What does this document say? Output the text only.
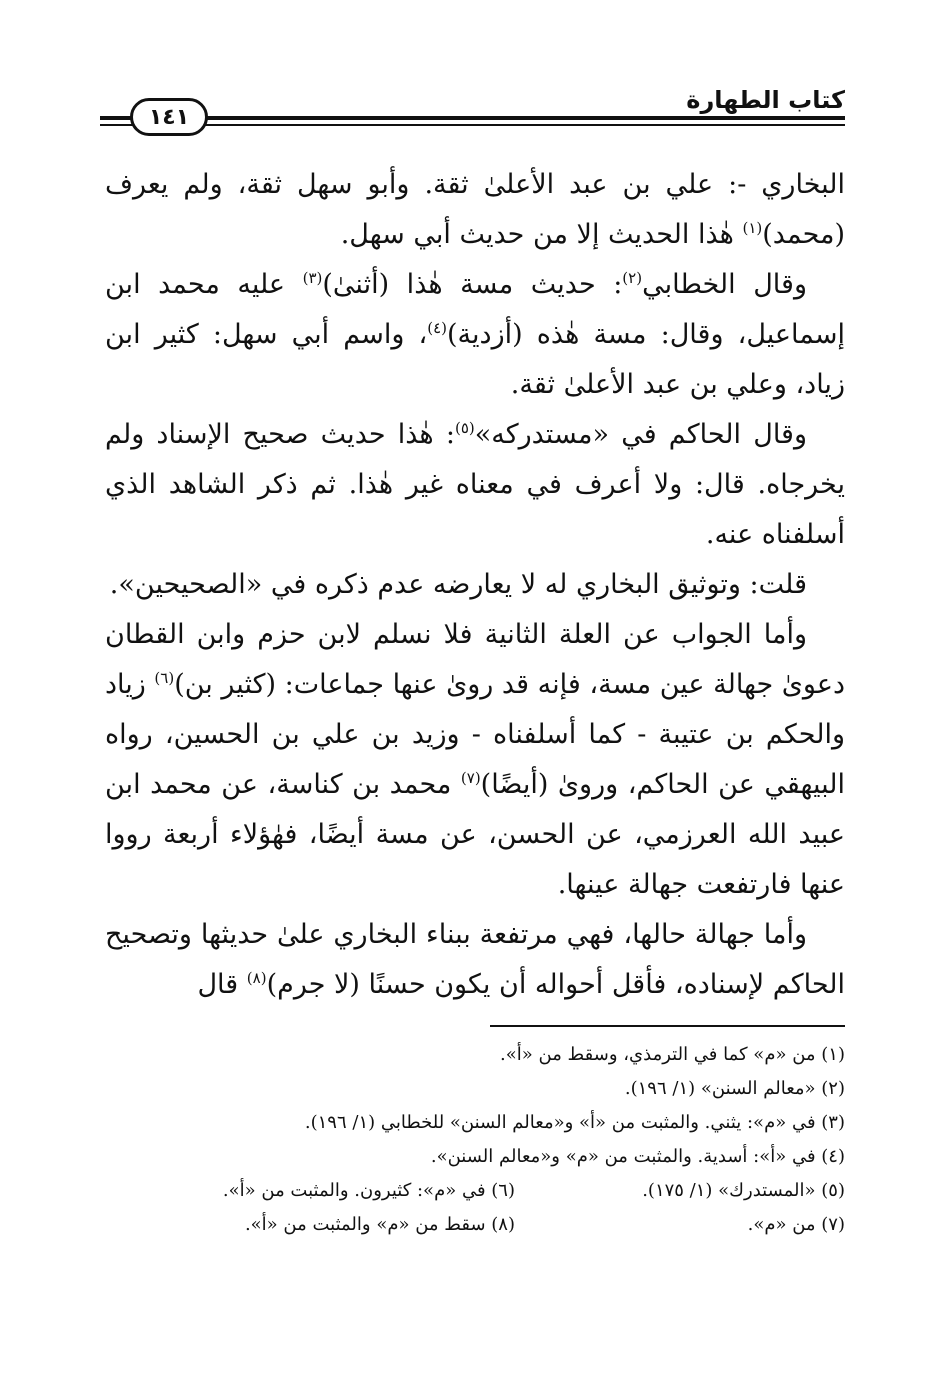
١٤١
كتاب الطهارة

البخاري -: علي بن عبد الأعلىٰ ثقة. وأبو سهل ثقة، ولم يعرف (محمد)$^{(١)}$ هٰذا الحديث إلا من حديث أبي سهل.

وقال الخطابي$^{(٢)}$: حديث مسة هٰذا (أثنىٰ)$^{(٣)}$ عليه محمد ابن إسماعيل، وقال: مسة هٰذه (أزدية)$^{(٤)}$، واسم أبي سهل: كثير ابن زياد، وعلي بن عبد الأعلىٰ ثقة.

وقال الحاكم في «مستدركه»$^{(٥)}$: هٰذا حديث صحيح الإسناد ولم يخرجاه. قال: ولا أعرف في معناه غير هٰذا. ثم ذكر الشاهد الذي أسلفناه عنه.

قلت: وتوثيق البخاري له لا يعارضه عدم ذكره في «الصحيحين».

وأما الجواب عن العلة الثانية فلا نسلم لابن حزم وابن القطان دعوىٰ جهالة عين مسة، فإنه قد روىٰ عنها جماعات: (كثير بن)$^{(٦)}$ زياد والحكم بن عتيبة - كما أسلفناه - وزيد بن علي بن الحسين، رواه البيهقي عن الحاكم، وروىٰ (أيضًا)$^{(٧)}$ محمد بن كناسة، عن محمد ابن عبيد الله العرزمي، عن الحسن، عن مسة أيضًا، فهٰؤلاء أربعة رووا عنها فارتفعت جهالة عينها.

وأما جهالة حالها، فهي مرتفعة ببناء البخاري علىٰ حديثها وتصحيح الحاكم لإسناده، فأقل أحواله أن يكون حسنًا (لا جرم)$^{(٨)}$ قال

(١) من «م» كما في الترمذي، وسقط من «أ».
(٢) «معالم السنن» (١/ ١٩٦).
(٣) في «م»: يثني. والمثبت من «أ» و«معالم السنن» للخطابي (١/ ١٩٦).
(٤) في «أ»: أسدية. والمثبت من «م» و«معالم السنن».
(٥) «المستدرك» (١/ ١٧٥).
(٦) في «م»: كثيرون. والمثبت من «أ».
(٧) من «م».
(٨) سقط من «م» والمثبت من «أ».
